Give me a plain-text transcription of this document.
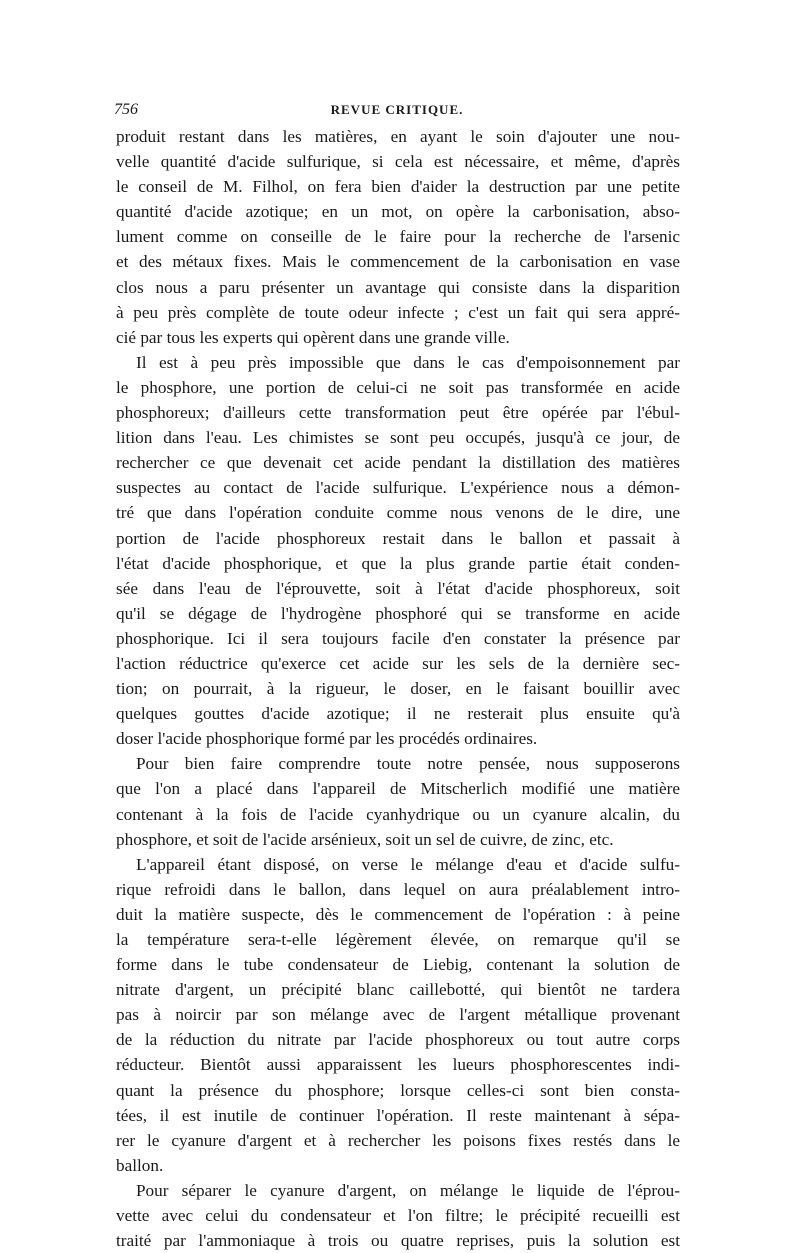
756	REVUE CRITIQUE.
produit restant dans les matières, en ayant le soin d'ajouter une nou-
velle quantité d'acide sulfurique, si cela est nécessaire, et même, d'après
le conseil de M. Filhol, on fera bien d'aider la destruction par une petite
quantité d'acide azotique; en un mot, on opère la carbonisation, abso-
lument comme on conseille de le faire pour la recherche de l'arsenic
et des métaux fixes. Mais le commencement de la carbonisation en vase
clos nous a paru présenter un avantage qui consiste dans la disparition
à peu près complète de toute odeur infecte ; c'est un fait qui sera appré-
cié par tous les experts qui opèrent dans une grande ville.
Il est à peu près impossible que dans le cas d'empoisonnement par
le phosphore, une portion de celui-ci ne soit pas transformée en acide
phosphoreux; d'ailleurs cette transformation peut être opérée par l'ébul-
lition dans l'eau. Les chimistes se sont peu occupés, jusqu'à ce jour, de
rechercher ce que devenait cet acide pendant la distillation des matières
suspectes au contact de l'acide sulfurique. L'expérience nous a démon-
tré que dans l'opération conduite comme nous venons de le dire, une
portion de l'acide phosphoreux restait dans le ballon et passait à
l'état d'acide phosphorique, et que la plus grande partie était conden-
sée dans l'eau de l'éprouvette, soit à l'état d'acide phosphoreux, soit
qu'il se dégage de l'hydrogène phosphoré qui se transforme en acide
phosphorique. Ici il sera toujours facile d'en constater la présence par
l'action réductrice qu'exerce cet acide sur les sels de la dernière sec-
tion; on pourrait, à la rigueur, le doser, en le faisant bouillir avec
quelques gouttes d'acide azotique; il ne resterait plus ensuite qu'à
doser l'acide phosphorique formé par les procédés ordinaires.
Pour bien faire comprendre toute notre pensée, nous supposerons
que l'on a placé dans l'appareil de Mitscherlich modifié une matière
contenant à la fois de l'acide cyanhydrique ou un cyanure alcalin, du
phosphore, et soit de l'acide arsénieux, soit un sel de cuivre, de zinc, etc.
L'appareil étant disposé, on verse le mélange d'eau et d'acide sulfu-
rique refroidi dans le ballon, dans lequel on aura préalablement intro-
duit la matière suspecte, dès le commencement de l'opération : à peine
la température sera-t-elle légèrement élevée, on remarque qu'il se
forme dans le tube condensateur de Liebig, contenant la solution de
nitrate d'argent, un précipité blanc caillebotté, qui bientôt ne tardera
pas à noircir par son mélange avec de l'argent métallique provenant
de la réduction du nitrate par l'acide phosphoreux ou tout autre corps
réducteur. Bientôt aussi apparaissent les lueurs phosphorescentes indi-
quant la présence du phosphore; lorsque celles-ci sont bien consta-
tées, il est inutile de continuer l'opération. Il reste maintenant à sépa-
rer le cyanure d'argent et à rechercher les poisons fixes restés dans le
ballon.
Pour séparer le cyanure d'argent, on mélange le liquide de l'éprou-
vette avec celui du condensateur et l'on filtre; le précipité recueilli est
traité par l'ammoniaque à trois ou quatre reprises, puis la solution est
